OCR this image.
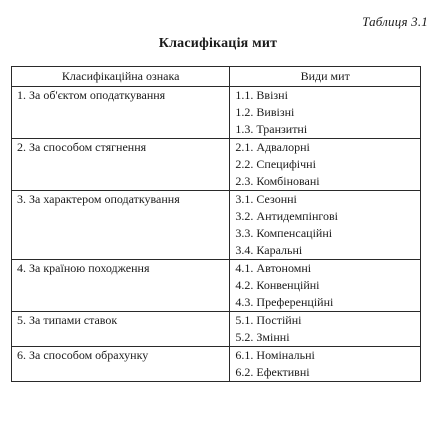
Таблиця 3.1
Класифікація мит
Класифікаційна ознака	Види мит
1. За об'єктом оподаткування	1.1. Ввізні
1.2. Вивізні
1.3. Транзитні

2. За способом стягнення	2.1. Адвалорні
2.2. Специфічні
2.3. Комбіновані

3. За характером оподаткування	3.1. Сезонні
3.2. Антидемпінгові
3.3. Компенсаційні
3.4. Каральні

4. За країною походження	4.1. Автономні
4.2. Конвенційні
4.3. Преференційні

5. За типами ставок	5.1. Постійні
5.2. Змінні

6. За способом обрахунку	6.1. Номінальні
6.2. Ефективні
